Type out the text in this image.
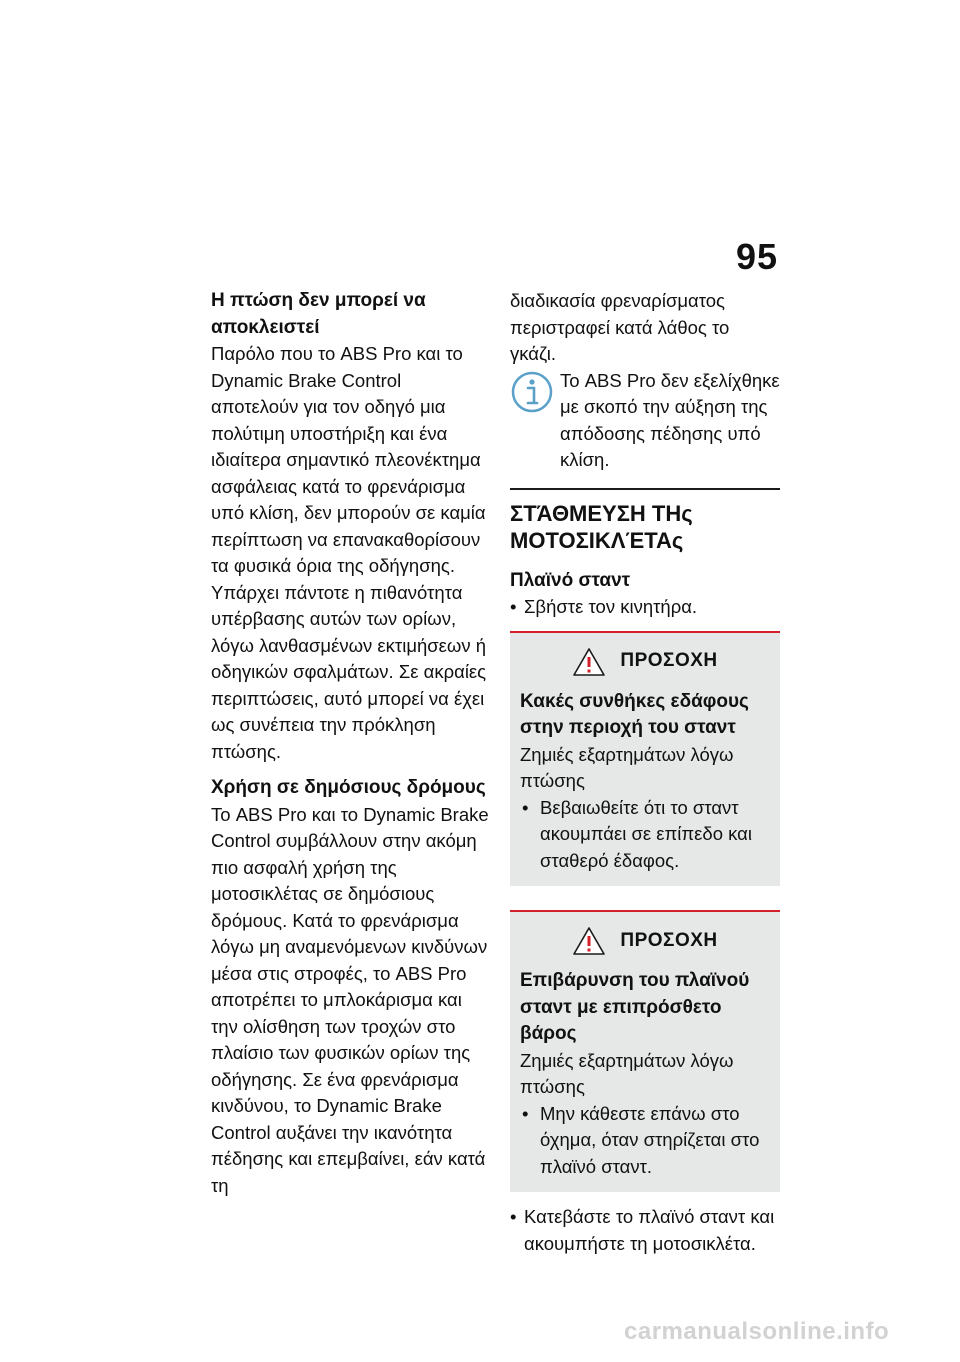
95

Η πτώση δεν μπορεί να αποκλειστεί

Παρόλο που το ABS Pro και το Dynamic Brake Control αποτελούν για τον οδηγό μια πολύτιμη υποστήριξη και ένα ιδιαίτερα σημαντικό πλεονέκτημα ασφάλειας κατά το φρενάρισμα υπό κλίση, δεν μπορούν σε καμία περίπτωση να επανακαθορίσουν τα φυσικά όρια της οδήγησης. Υπάρχει πάντοτε η πιθανότητα υπέρβασης αυτών των ορίων, λόγω λανθασμένων εκτιμήσεων ή οδηγικών σφαλμάτων. Σε ακραίες περιπτώσεις, αυτό μπορεί να έχει ως συνέπεια την πρόκληση πτώσης.

Χρήση σε δημόσιους δρόμους

Το ABS Pro και το Dynamic Brake Control συμβάλλουν στην ακόμη πιο ασφαλή χρήση της μοτοσικλέτας σε δημόσιους δρόμους. Κατά το φρενάρισμα λόγω μη αναμενόμενων κινδύνων μέσα στις στροφές, το ABS Pro αποτρέπει το μπλοκάρισμα και την ολίσθηση των τροχών στο πλαίσιο των φυσικών ορίων της οδήγησης. Σε ένα φρενάρισμα κινδύνου, το Dynamic Brake Control αυξάνει την ικανότητα πέδησης και επεμβαίνει, εάν κατά τη

διαδικασία φρεναρίσματος περιστραφεί κατά λάθος το γκάζι.

Το ABS Pro δεν εξελίχθηκε με σκοπό την αύξηση της απόδοσης πέδησης υπό κλίση.

ΣΤΆΘΜΕΥΣΗ ΤΗς ΜΟΤΟΣΙΚΛΈΤΑς

Πλαϊνό σταντ

• Σβήστε τον κινητήρα.
ΠΡΟΣΟΧΗ
Κακές συνθήκες εδάφους στην περιοχή του σταντ
Ζημιές εξαρτημάτων λόγω πτώσης
• Βεβαιωθείτε ότι το σταντ ακουμπάει σε επίπεδο και σταθερό έδαφος.
ΠΡΟΣΟΧΗ
Επιβάρυνση του πλαϊνού σταντ με επιπρόσθετο βάρος
Ζημιές εξαρτημάτων λόγω πτώσης
• Μην κάθεστε επάνω στο όχημα, όταν στηρίζεται στο πλαϊνό σταντ.
• Κατεβάστε το πλαϊνό σταντ και ακουμπήστε τη μοτοσικλέτα.
carmanualsonline.info
